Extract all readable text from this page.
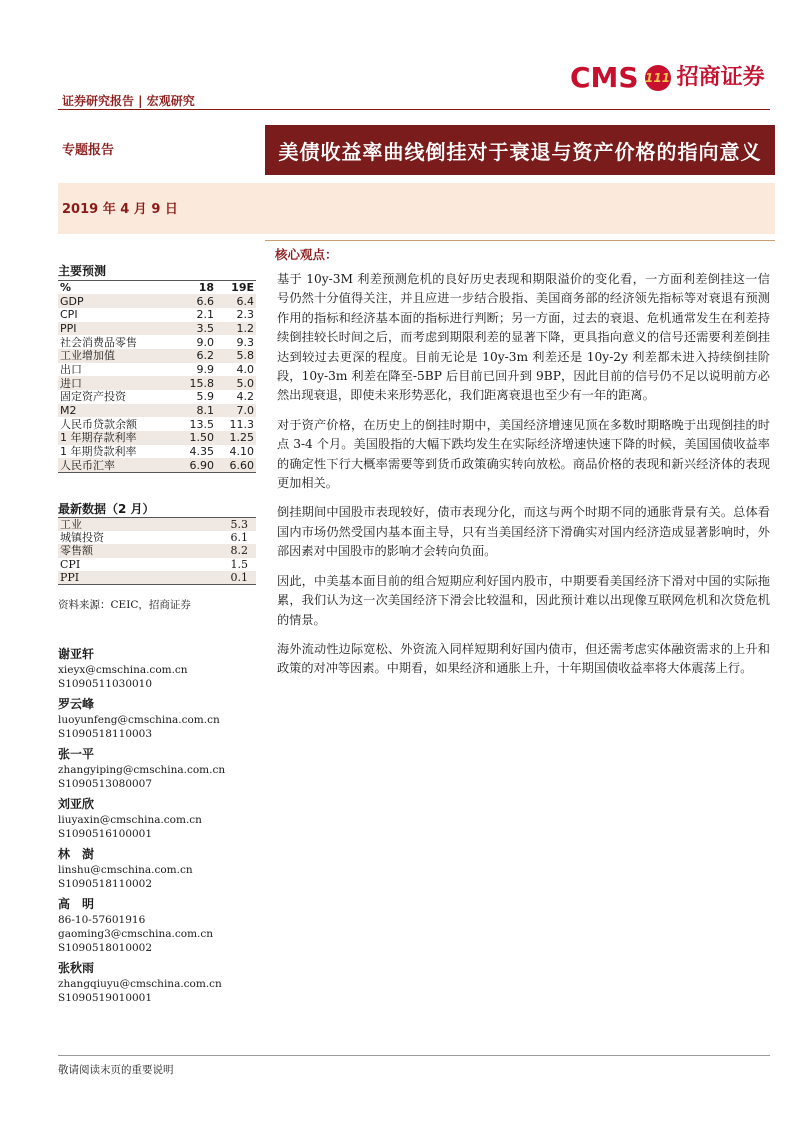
证券研究报告 | 宏观研究
CMS 111 招商证券
专题报告	美债收益率曲线倒挂对于衰退与资产价格的指向意义
2019 年 4 月 9 日
主要预测
%	18	19E
GDP	6.6	6.4
CPI	2.1	2.3
PPI	3.5	1.2
社会消费品零售	9.0	9.3
工业增加值	6.2	5.8
出口	9.9	4.0
进口	15.8	5.0
固定资产投资	5.9	4.2
M2	8.1	7.0
人民币贷款余额	13.5	11.3
1 年期存款利率	1.50	1.25
1 年期贷款利率	4.35	4.10
人民币汇率	6.90	6.60
最新数据（2 月）
工业	5.3
城镇投资	6.1
零售额	8.2
CPI	1.5
PPI	0.1
资料来源：CEIC，招商证券
谢亚轩
xieyx@cmschina.com.cn
S1090511030010
罗云峰
luoyunfeng@cmschina.com.cn
S1090518110003
张一平
zhangyiping@cmschina.com.cn
S1090513080007
刘亚欣
liuyaxin@cmschina.com.cn
S1090516100001
林　澍
linshu@cmschina.com.cn
S1090518110002
高　明
86-10-57601916
gaoming3@cmschina.com.cn
S1090518010002
张秋雨
zhangqiuyu@cmschina.com.cn
S1090519010001
核心观点：

基于 10y-3M 利差预测危机的良好历史表现和期限溢价的变化看，一方面利差倒挂这一信号仍然十分值得关注，并且应进一步结合股指、美国商务部的经济领先指标等对衰退有预测作用的指标和经济基本面的指标进行判断；另一方面，过去的衰退、危机通常发生在利差持续倒挂较长时间之后，而考虑到期限利差的显著下降，更具指向意义的信号还需要利差倒挂达到较过去更深的程度。目前无论是 10y-3m 利差还是 10y-2y 利差都未进入持续倒挂阶段，10y-3m 利差在降至-5BP 后目前已回升到 9BP，因此目前的信号仍不足以说明前方必然出现衰退，即使未来形势恶化，我们距离衰退也至少有一年的距离。

对于资产价格，在历史上的倒挂时期中，美国经济增速见顶在多数时期略晚于出现倒挂的时点 3-4 个月。美国股指的大幅下跌均发生在实际经济增速快速下降的时候，美国国债收益率的确定性下行大概率需要等到货币政策确实转向放松。商品价格的表现和新兴经济体的表现更加相关。

倒挂期间中国股市表现较好，债市表现分化，而这与两个时期不同的通胀背景有关。总体看国内市场仍然受国内基本面主导，只有当美国经济下滑确实对国内经济造成显著影响时，外部因素对中国股市的影响才会转向负面。

因此，中美基本面目前的组合短期应利好国内股市，中期要看美国经济下滑对中国的实际拖累，我们认为这一次美国经济下滑会比较温和，因此预计难以出现像互联网危机和次贷危机的情景。

海外流动性边际宽松、外资流入同样短期利好国内债市，但还需考虑实体融资需求的上升和政策的对冲等因素。中期看，如果经济和通胀上升，十年期国债收益率将大体震荡上行。

敬请阅读末页的重要说明
